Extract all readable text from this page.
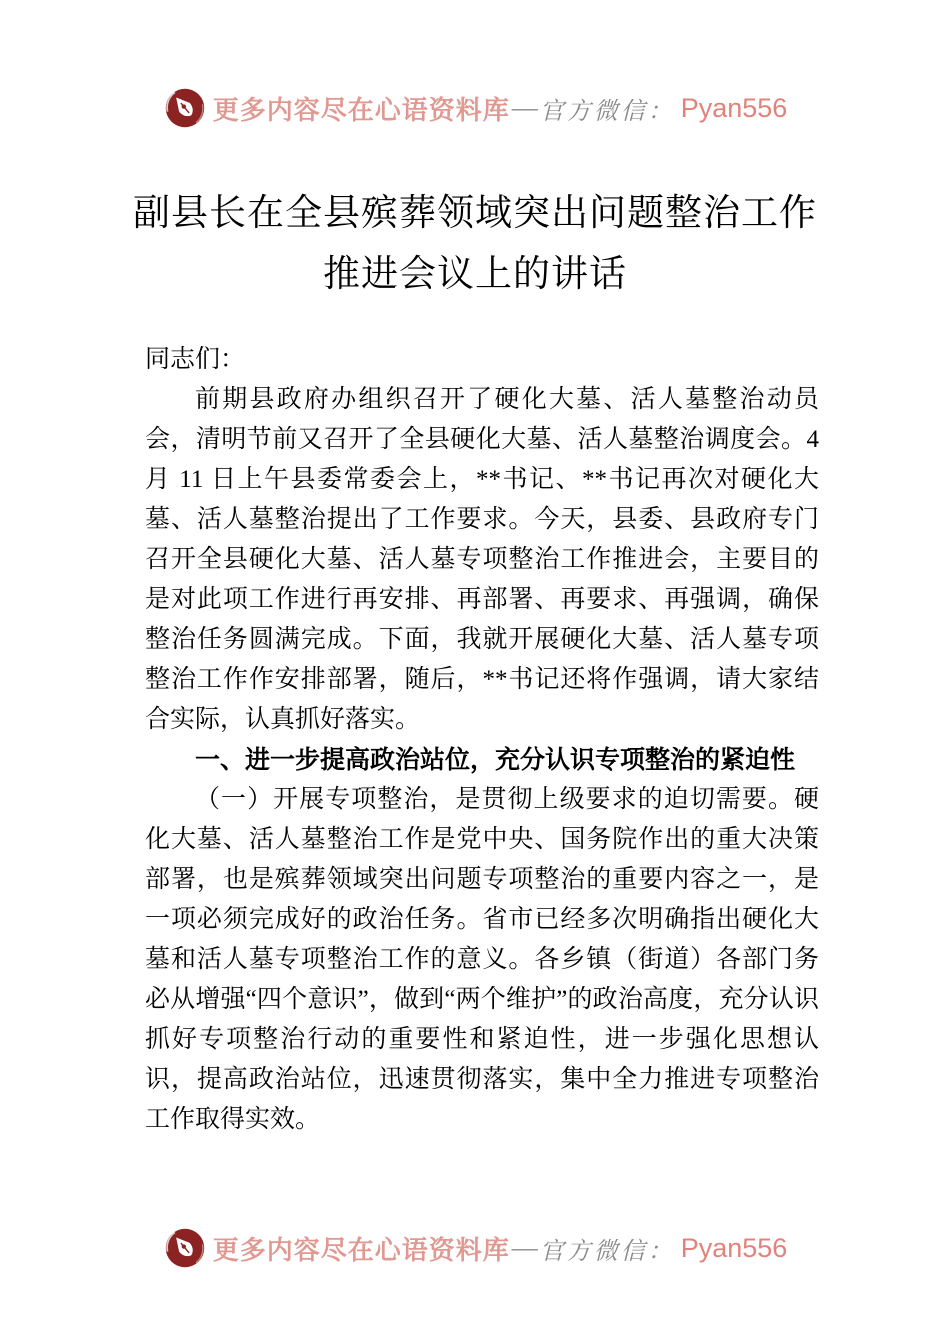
更多内容尽在心语资料库 — 官方微信： Pyan556
副县长在全县殡葬领域突出问题整治工作
推进会议上的讲话

同志们：

前期县政府办组织召开了硬化大墓、活人墓整治动员会，清明节前又召开了全县硬化大墓、活人墓整治调度会。4 月 11 日上午县委常委会上，**书记、**书记再次对硬化大墓、活人墓整治提出了工作要求。今天，县委、县政府专门召开全县硬化大墓、活人墓专项整治工作推进会，主要目的是对此项工作进行再安排、再部署、再要求、再强调，确保整治任务圆满完成。下面，我就开展硬化大墓、活人墓专项整治工作作安排部署，随后，**书记还将作强调，请大家结合实际，认真抓好落实。

一、进一步提高政治站位，充分认识专项整治的紧迫性

（一）开展专项整治，是贯彻上级要求的迫切需要。硬化大墓、活人墓整治工作是党中央、国务院作出的重大决策部署，也是殡葬领域突出问题专项整治的重要内容之一，是一项必须完成好的政治任务。省市已经多次明确指出硬化大墓和活人墓专项整治工作的意义。各乡镇（街道）各部门务必从增强“四个意识”，做到“两个维护”的政治高度，充分认识抓好专项整治行动的重要性和紧迫性，进一步强化思想认识，提高政治站位，迅速贯彻落实，集中全力推进专项整治工作取得实效。

更多内容尽在心语资料库 — 官方微信： Pyan556
